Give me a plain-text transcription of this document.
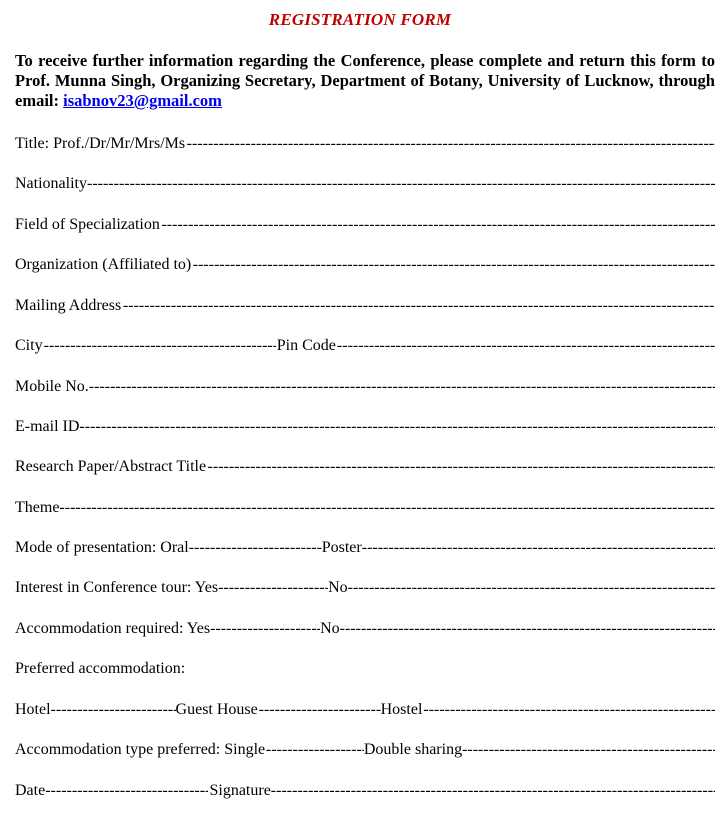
REGISTRATION FORM
To receive further information regarding the Conference, please complete and return this form to Prof. Munna Singh, Organizing Secretary, Department of Botany, University of Lucknow, through email: isabnov23@gmail.com
Title: Prof./Dr/Mr/Mrs/Ms
-----
Nationality
-----
Field of Specialization
-----
Organization (Affiliated to)
-----
Mailing Address
-----
City -----	Pin Code
-----
Mobile No.
-----
E-mail ID
-----
Research Paper/Abstract Title
-----
Theme
-----
Mode of presentation: Oral -----	Poster
-----
Interest in Conference tour: Yes -----	No
-----
Accommodation required: Yes -----	No
-----
Preferred accommodation:
Hotel -----	Guest House -----	Hostel
-----
Accommodation type preferred: Single -----	Double sharing
-----
Date -----	Signature
-----
